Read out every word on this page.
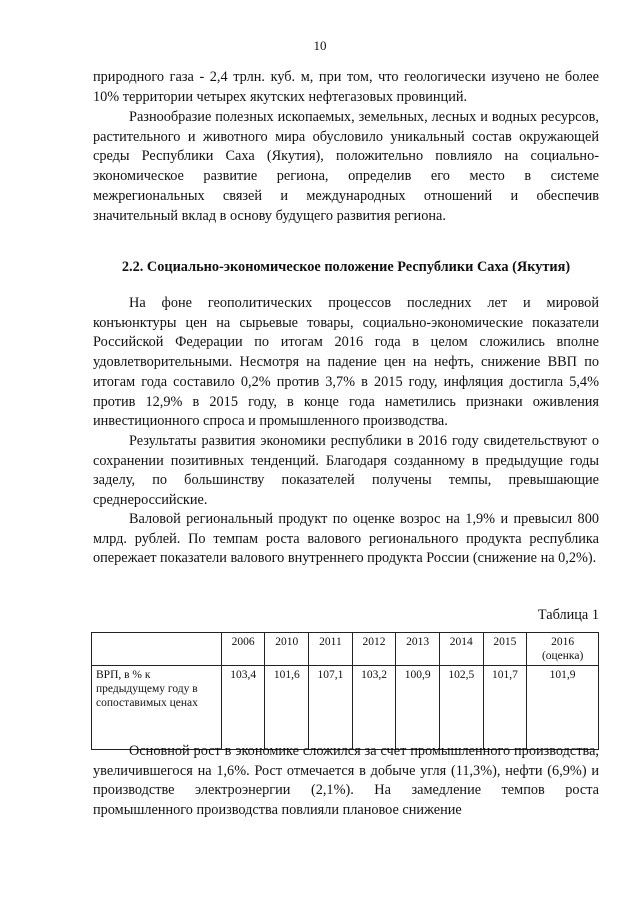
10

природного газа - 2,4 трлн. куб. м, при том, что геологически изучено не более 10% территории четырех якутских нефтегазовых провинций.

Разнообразие полезных ископаемых, земельных, лесных и водных ресурсов, растительного и животного мира обусловило уникальный состав окружающей среды Республики Саха (Якутия), положительно повлияло на социально-экономическое развитие региона, определив его место в системе межрегиональных связей и международных отношений и обеспечив значительный вклад в основу будущего развития региона.

2.2. Социально-экономическое положение Республики Саха (Якутия)

На фоне геополитических процессов последних лет и мировой конъюнктуры цен на сырьевые товары, социально-экономические показатели Российской Федерации по итогам 2016 года в целом сложились вполне удовлетворительными. Несмотря на падение цен на нефть, снижение ВВП по итогам года составило 0,2% против 3,7% в 2015 году, инфляция достигла 5,4% против 12,9% в 2015 году, в конце года наметились признаки оживления инвестиционного спроса и промышленного производства.

Результаты развития экономики республики в 2016 году свидетельствуют о сохранении позитивных тенденций. Благодаря созданному в предыдущие годы заделу, по большинству показателей получены темпы, превышающие среднероссийские.

Валовой региональный продукт по оценке возрос на 1,9% и превысил 800 млрд. рублей. По темпам роста валового регионального продукта республика опережает показатели валового внутреннего продукта России (снижение на 0,2%).

Таблица 1
	2006	2010	2011	2012	2013	2014	2015	2016
(оценка)
ВРП, в % к предыдущему году в сопоставимых ценах	103,4	101,6	107,1	103,2	100,9	102,5	101,7	101,9

Основной рост в экономике сложился за счет промышленного производства, увеличившегося на 1,6%. Рост отмечается в добыче угля (11,3%), нефти (6,9%) и производстве электроэнергии (2,1%). На замедление темпов роста промышленного производства повлияли плановое снижение
